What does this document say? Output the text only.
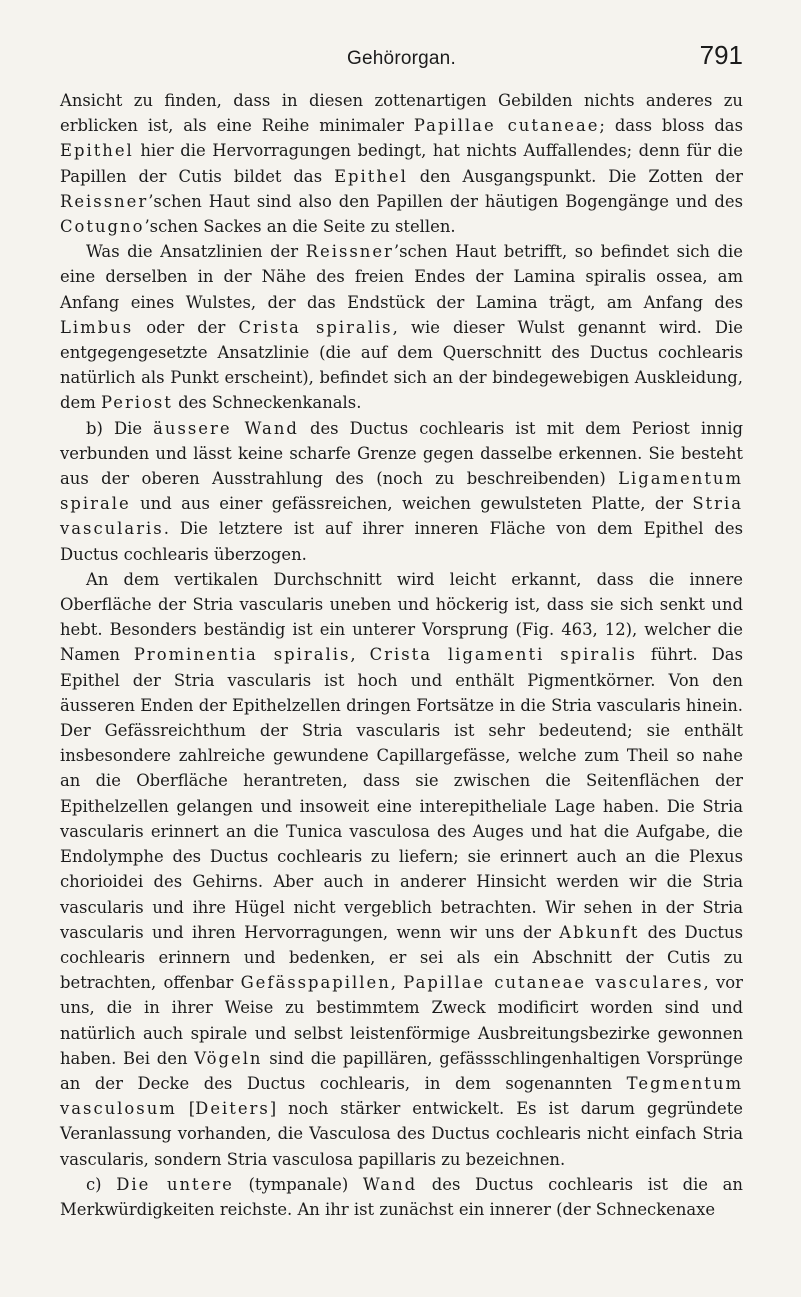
Gehörorgan.	791

Ansicht zu finden, dass in diesen zottenartigen Gebilden nichts anderes zu erblicken ist, als eine Reihe minimaler Papillae cutaneae; dass bloss das Epithel hier die Hervorragungen bedingt, hat nichts Auffallendes; denn für die Papillen der Cutis bildet das Epithel den Ausgangspunkt. Die Zotten der Reissner’schen Haut sind also den Papillen der häutigen Bogengänge und des Cotugno’schen Sackes an die Seite zu stellen.

Was die Ansatzlinien der Reissner’schen Haut betrifft, so befindet sich die eine derselben in der Nähe des freien Endes der Lamina spiralis ossea, am Anfang eines Wulstes, der das Endstück der Lamina trägt, am Anfang des Limbus oder der Crista spiralis, wie dieser Wulst genannt wird. Die entgegengesetzte Ansatzlinie (die auf dem Querschnitt des Ductus cochlearis natürlich als Punkt erscheint), befindet sich an der bindegewebigen Auskleidung, dem Periost des Schneckenkanals.

b) Die äussere Wand des Ductus cochlearis ist mit dem Periost innig verbunden und lässt keine scharfe Grenze gegen dasselbe erkennen. Sie besteht aus der oberen Ausstrahlung des (noch zu beschreibenden) Ligamentum spirale und aus einer gefässreichen, weichen gewulsteten Platte, der Stria vascularis. Die letztere ist auf ihrer inneren Fläche von dem Epithel des Ductus cochlearis überzogen.

An dem vertikalen Durchschnitt wird leicht erkannt, dass die innere Oberfläche der Stria vascularis uneben und höckerig ist, dass sie sich senkt und hebt. Besonders beständig ist ein unterer Vorsprung (Fig. 463, 12), welcher die Namen Prominentia spiralis, Crista ligamenti spiralis führt. Das Epithel der Stria vascularis ist hoch und enthält Pigmentkörner. Von den äusseren Enden der Epithelzellen dringen Fortsätze in die Stria vascularis hinein. Der Gefässreichthum der Stria vascularis ist sehr bedeutend; sie enthält insbesondere zahlreiche gewundene Capillargefässe, welche zum Theil so nahe an die Oberfläche herantreten, dass sie zwischen die Seitenflächen der Epithelzellen gelangen und insoweit eine interepitheliale Lage haben. Die Stria vascularis erinnert an die Tunica vasculosa des Auges und hat die Aufgabe, die Endolymphe des Ductus cochlearis zu liefern; sie erinnert auch an die Plexus chorioidei des Gehirns. Aber auch in anderer Hinsicht werden wir die Stria vascularis und ihre Hügel nicht vergeblich betrachten. Wir sehen in der Stria vascularis und ihren Hervorragungen, wenn wir uns der Abkunft des Ductus cochlearis erinnern und bedenken, er sei als ein Abschnitt der Cutis zu betrachten, offenbar Gefässpapillen, Papillae cutaneae vasculares, vor uns, die in ihrer Weise zu bestimmtem Zweck modificirt worden sind und natürlich auch spirale und selbst leistenförmige Ausbreitungsbezirke gewonnen haben. Bei den Vögeln sind die papillären, gefässschlingenhaltigen Vorsprünge an der Decke des Ductus cochlearis, in dem sogenannten Tegmentum vasculosum [Deiters] noch stärker entwickelt. Es ist darum gegründete Veranlassung vorhanden, die Vasculosa des Ductus cochlearis nicht einfach Stria vascularis, sondern Stria vasculosa papillaris zu bezeichnen.

c) Die untere (tympanale) Wand des Ductus cochlearis ist die an Merkwürdigkeiten reichste. An ihr ist zunächst ein innerer (der Schneckenaxe
